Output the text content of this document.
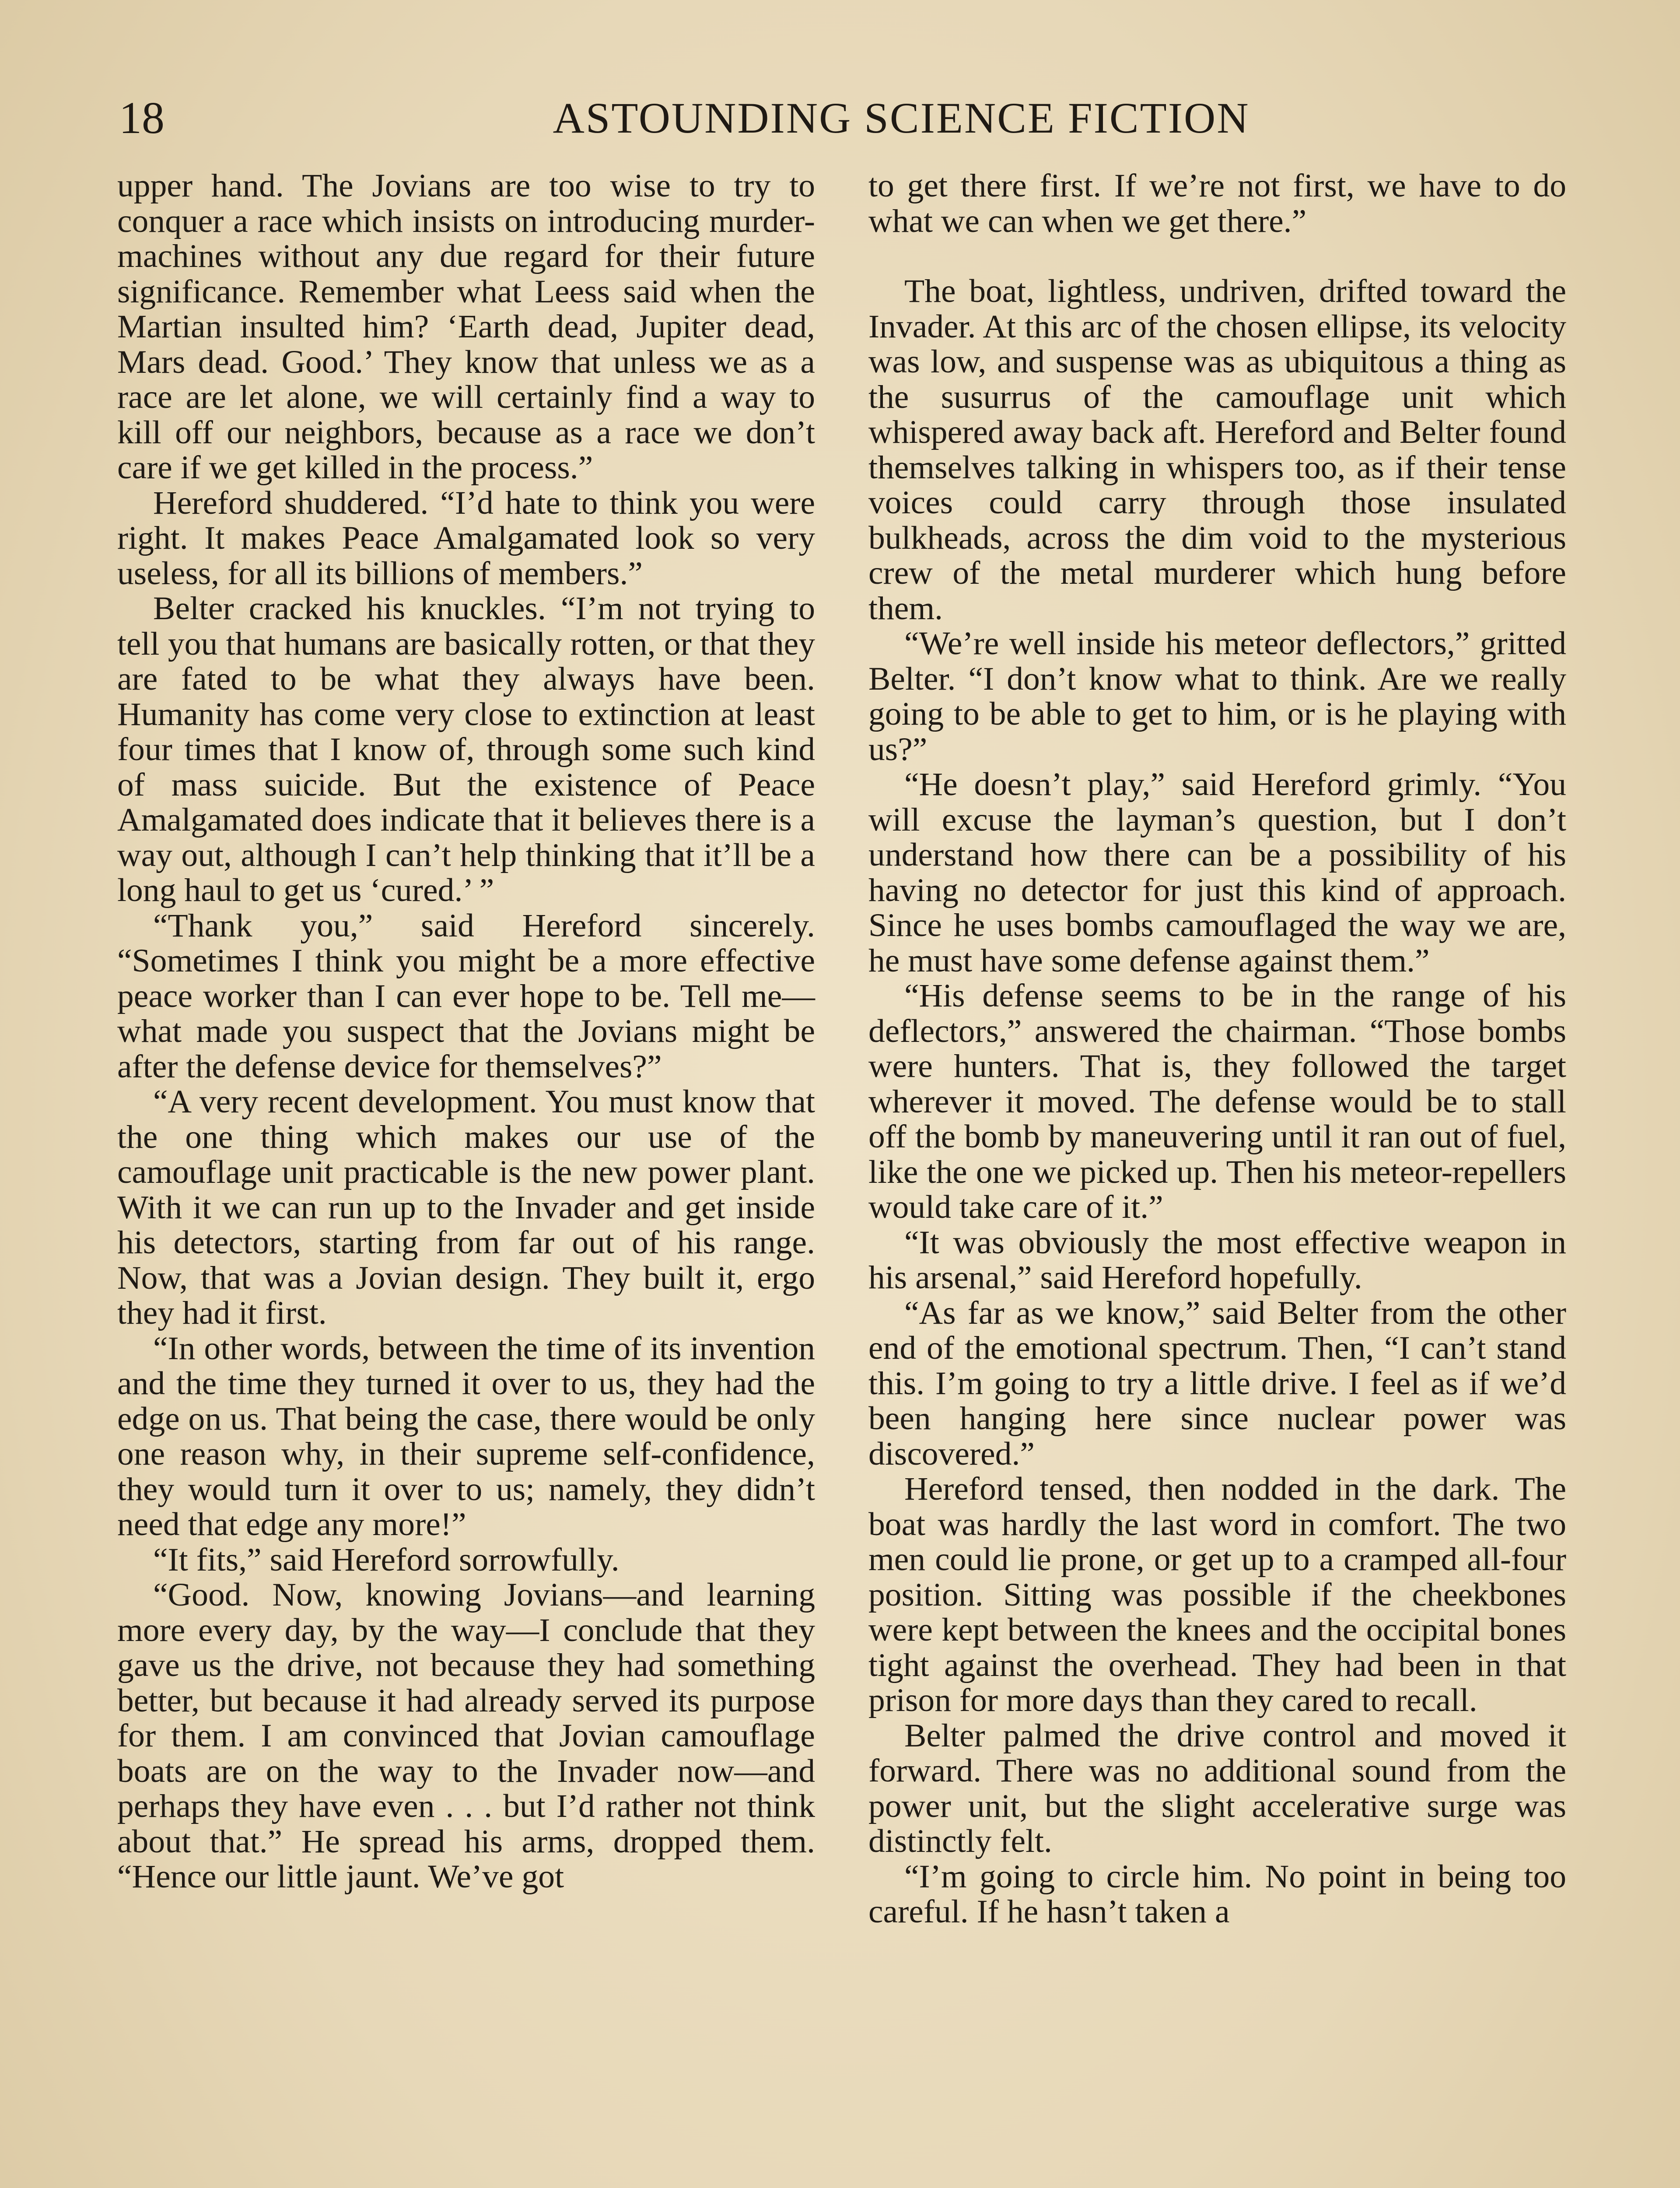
18	ASTOUNDING SCIENCE FICTION

upper hand. The Jovians are too wise to try to conquer a race which insists on introducing murder-machines without any due regard for their future significance. Remember what Leess said when the Martian insulted him? ‘Earth dead, Jupiter dead, Mars dead. Good.’ They know that unless we as a race are let alone, we will certainly find a way to kill off our neighbors, because as a race we don’t care if we get killed in the process.”

Hereford shuddered. “I’d hate to think you were right. It makes Peace Amalgamated look so very useless, for all its billions of members.”

Belter cracked his knuckles. “I’m not trying to tell you that humans are basically rotten, or that they are fated to be what they always have been. Humanity has come very close to extinction at least four times that I know of, through some such kind of mass suicide. But the existence of Peace Amalgamated does indicate that it believes there is a way out, although I can’t help thinking that it’ll be a long haul to get us ‘cured.’ ”

“Thank you,” said Hereford sincerely. “Sometimes I think you might be a more effective peace worker than I can ever hope to be. Tell me—what made you suspect that the Jovians might be after the defense device for themselves?”

“A very recent development. You must know that the one thing which makes our use of the camouflage unit practicable is the new power plant. With it we can run up to the Invader and get inside his detectors, starting from far out of his range. Now, that was a Jovian design. They built it, ergo they had it first.

“In other words, between the time of its invention and the time they turned it over to us, they had the edge on us. That being the case, there would be only one reason why, in their supreme self-confidence, they would turn it over to us; namely, they didn’t need that edge any more!”

“It fits,” said Hereford sorrowfully.

“Good. Now, knowing Jovians—and learning more every day, by the way—I conclude that they gave us the drive, not because they had something better, but because it had already served its purpose for them. I am convinced that Jovian camouflage boats are on the way to the Invader now—and perhaps they have even . . . but I’d rather not think about that.” He spread his arms, dropped them. “Hence our little jaunt. We’ve got

to get there first. If we’re not first, we have to do what we can when we get there.”

The boat, lightless, undriven, drifted toward the Invader. At this arc of the chosen ellipse, its velocity was low, and suspense was as ubiquitous a thing as the susurrus of the camouflage unit which whispered away back aft. Hereford and Belter found themselves talking in whispers too, as if their tense voices could carry through those insulated bulkheads, across the dim void to the mysterious crew of the metal murderer which hung before them.

“We’re well inside his meteor deflectors,” gritted Belter. “I don’t know what to think. Are we really going to be able to get to him, or is he playing with us?”

“He doesn’t play,” said Hereford grimly. “You will excuse the layman’s question, but I don’t understand how there can be a possibility of his having no detector for just this kind of approach. Since he uses bombs camouflaged the way we are, he must have some defense against them.”

“His defense seems to be in the range of his deflectors,” answered the chairman. “Those bombs were hunters. That is, they followed the target wherever it moved. The defense would be to stall off the bomb by maneuvering until it ran out of fuel, like the one we picked up. Then his meteor-repellers would take care of it.”

“It was obviously the most effective weapon in his arsenal,” said Hereford hopefully.

“As far as we know,” said Belter from the other end of the emotional spectrum. Then, “I can’t stand this. I’m going to try a little drive. I feel as if we’d been hanging here since nuclear power was discovered.”

Hereford tensed, then nodded in the dark. The boat was hardly the last word in comfort. The two men could lie prone, or get up to a cramped all-four position. Sitting was possible if the cheekbones were kept between the knees and the occipital bones tight against the overhead. They had been in that prison for more days than they cared to recall.

Belter palmed the drive control and moved it forward. There was no additional sound from the power unit, but the slight accelerative surge was distinctly felt.

“I’m going to circle him. No point in being too careful. If he hasn’t taken a
